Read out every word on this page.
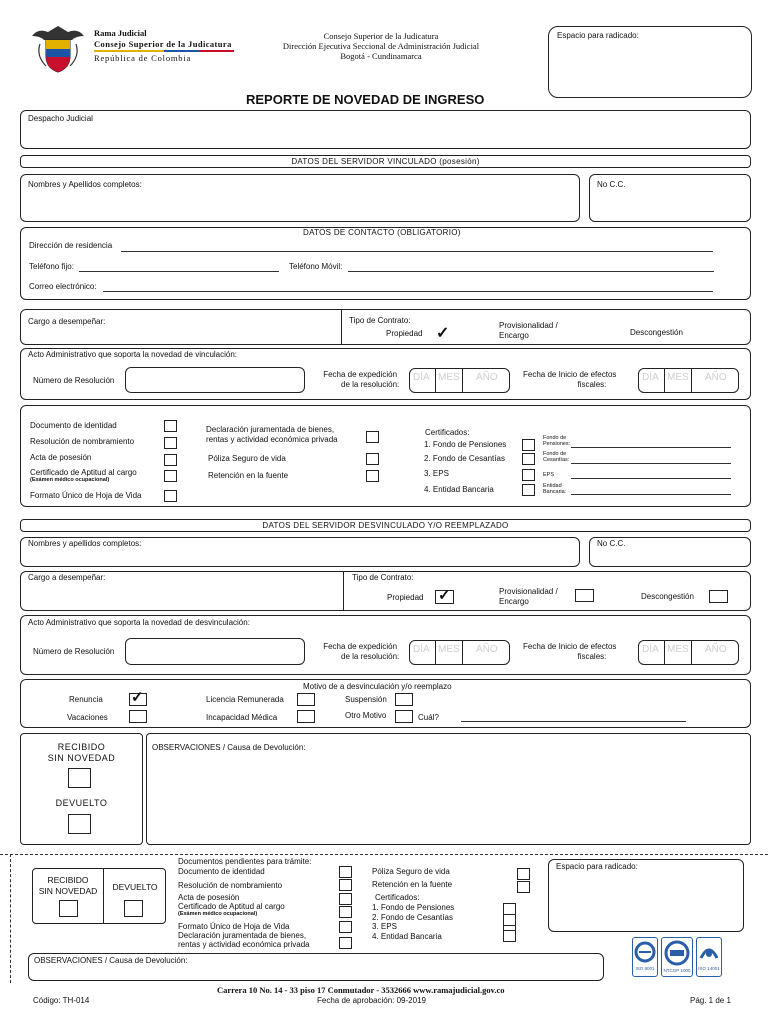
Rama Judicial
Consejo Superior de la Judicatura
República de Colombia
Consejo Superior de la Judicatura
Dirección Ejecutiva Seccional de Administración Judicial
Bogotá - Cundinamarca
Espacio para radicado:
REPORTE DE NOVEDAD DE INGRESO
Despacho Judicial
DATOS DEL SERVIDOR VINCULADO (posesión)
Nombres y Apellidos completos:	No C.C.
DATOS DE CONTACTO (OBLIGATORIO)
Dirección de residencia
Teléfono fijo:	Teléfono Móvil:
Correo electrónico:
Cargo a desempeñar:	Tipo de Contrato:
Propiedad ✓	Provisionalidad /
Encargo	Descongestión
Acto Administrativo que soporta la novedad de vinculación:
Número de Resolución
Fecha de expedición
de la resolución:
DÍA MES AÑO	Fecha de Inicio de efectos
fiscales:
DÍA MES AÑO
Documento de identidad
Resolución de nombramiento
Acta de posesión
Certificado de Aptitud al cargo
(Exámen médico ocupacional)
Formato Único de Hoja de Vida
Declaración juramentada de bienes,
rentas y actividad económica privada
Póliza Seguro de vida
Retención en la fuente
Certificados:
1. Fondo de Pensiones
Fondo de
Pensiones:
2. Fondo de Cesantías	Fondo de
Cesantías:
3. EPS	EPS
4. Entidad Bancaria	Entidad
Bancaria:
DATOS DEL SERVIDOR DESVINCULADO Y/O REEMPLAZADO
Nombres y apellidos completos:	No C.C.
Cargo a desempeñar:	Tipo de Contrato:
Propiedad ✓	Provisionalidad /
Encargo
Descongestión
Acto Administrativo que soporta la novedad de desvinculación:
Número de Resolución
Fecha de expedición
de la resolución:
DÍA MES AÑO	Fecha de Inicio de efectos
fiscales:
DÍA MES AÑO
Motivo de a desvinculación y/o reemplazo
Renuncia ✓
Vacaciones
Licencia Remunerada
Incapacidad Médica
Suspensión
Otro Motivo	Cuál?
RECIBIDO
SIN NOVEDAD
DEVUELTO
OBSERVACIONES / Causa de Devolución:
RECIBIDO
SIN NOVEDAD	DEVUELTO
Documentos pendientes para trámite:
Documento de identidad
Resolución de nombramiento
Acta de posesión
Certificado de Aptitud al cargo
(Exámen médico ocupacional)
Formato Único de Hoja de Vida
Declaración juramentada de bienes,
rentas y actividad económica privada
Póliza Seguro de vida
Retención en la fuente
Certificados:
1. Fondo de Pensiones
2. Fondo de Cesantías
3. EPS
4. Entidad Bancaria
Espacio para radicado:
OBSERVACIONES / Causa de Devolución:
ISO 9001	NTCGP 1000	ISO 14001
Carrera 10 No. 14 - 33 piso 17 Conmutador - 3532666 www.ramajudicial.gov.co
Código: TH-014	Fecha de aprobación: 09-2019	Pág. 1 de 1
